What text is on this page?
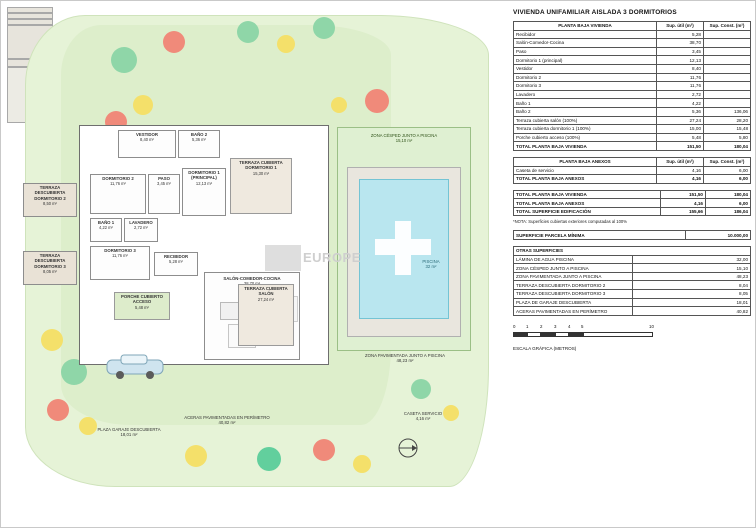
TERRAZA DESCUBIERTA DORMITORIO 2
8,50 m²
TERRAZA DESCUBIERTA DORMITORIO 3
8,05 m²
VESTIDOR
8,40 m²
BAÑO 2
5,36 m²
DORMITORIO 2
11,76 m²
PASO
3,45 m²
DORMITORIO 1 (PRINCIPAL)
12,13 m²
BAÑO 1
4,22 m²
LAVADERO
2,72 m²
DORMITORIO 3
11,76 m²	RECIBIDOR
5,28 m²
SALÓN-COMEDOR-COCINA
TERRAZA CUBIERTA DORMITORIO 1
15,30 m²
TERRAZA CUBIERTA SALÓN
27,24 m²
PORCHE CUBIERTO ACCESO
5,48 m²
ZONA CÉSPED JUNTO A PISCINA
15,10 m²
PISCINA
32 m²
ZONA PAVIMENTADA JUNTO A PISCINA
48,23 m²
CASETA SERVICIO
4,16 m²
ACERAS PAVIMENTADAS EN PERÍMETRO
40,82 m²
PLAZA GARAJE DESCUBIERTA
18,01 m²
EUROPE
VIVIENDA UNIFAMILIAR AISLADA 3 DORMITORIOS
PLANTA BAJA VIVIENDA	Sup. útil (m²)	Sup. Const. (m²)
Recibidor	5,28	
Salón-Comedor-Cocina	38,70	
Paso	3,45	
Dormitorio 1 (principal)	12,13	
Vestidor	8,40	
Dormitorio 2	11,76	
Dormitorio 3	11,76	
Lavadero	2,72	
Baño 1	4,22	
Baño 2	5,36	136,06
Terraza cubierta salón (100%)	27,24	28,20
Terraza cubierta dormitorio 1 (100%)	15,00	15,48
Porche cubierto acceso (100%)	5,48	5,80
TOTAL PLANTA BAJA VIVIENDA	151,50	180,04
PLANTA BAJA ANEXOS	Sup. útil (m²)	Sup. Const. (m²)
Caseta de servicio	4,16	6,00
TOTAL PLANTA BAJA ANEXOS	4,16	6,00
TOTAL PLANTA BAJA VIVIENDA	151,50	180,04
TOTAL PLANTA BAJA ANEXOS	4,16	6,00
TOTAL SUPERFICIE EDIFICACIÓN	155,66	186,04
*NOTA: Superficies cubiertas exteriores computadas al 100%
SUPERFICIE PARCELA MÍNIMA	10.000,00
OTRAS SUPERFICIES	
LÁMINA DE AGUA PISCINA	32,00
ZONA CÉSPED JUNTO A PISCINA	15,10
ZONA PAVIMENTADA JUNTO A PISCINA	48,23
TERRAZA DESCUBIERTA DORMITORIO 2	8,04
TERRAZA DESCUBIERTA DORMITORIO 3	8,05
PLAZA DE GARAJE DESCUBIERTA	18,01
ACERAS PAVIMENTADAS EN PERÍMETRO	40,82
0 1	2	3	4 5	10
ESCALA GRÁFICA (METROS)
